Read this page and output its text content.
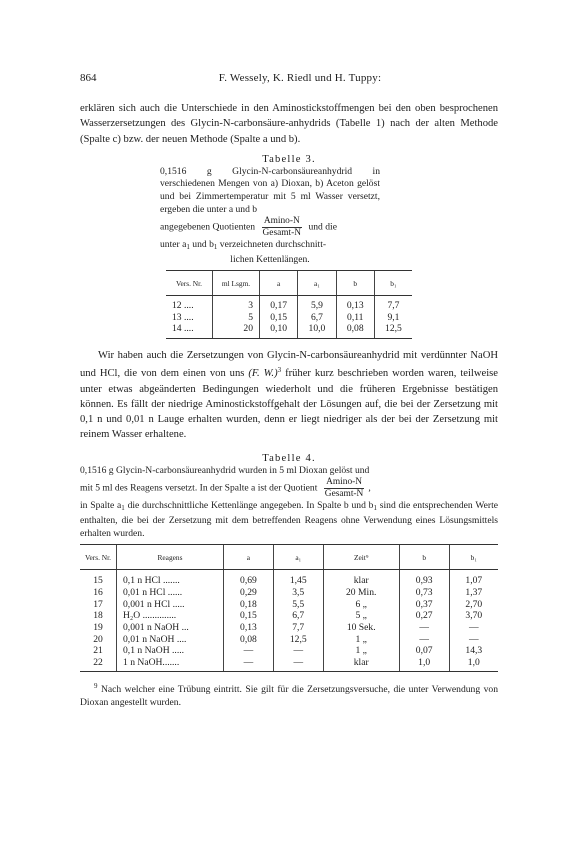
864	F. Wessely, K. Riedl und H. Tuppy:

erklären sich auch die Unterschiede in den Aminostickstoffmengen bei den oben besprochenen Wasserzersetzungen des Glycin-N-carbonsäure-anhydrids (Tabelle 1) nach der alten Methode (Spalte c) bzw. der neuen Methode (Spalte a und b).

Tabelle 3.
0,1516 g Glycin-N-carbonsäureanhydrid in verschiedenen Mengen von a) Dioxan, b) Aceton gelöst und bei Zimmertemperatur mit 5 ml Wasser versetzt, ergeben die unter a und b
angegebenen Quotienten $\frac{Amino-N}{\text{Gesamt-N}}$ und die
unter $a_1$ und $b_1$ verzeichneten durchschnitt-
lichen Kettenlängen.
Vers. Nr.	ml Lsgm.	a	a₁	b	b₁
12 ....	3	0,17	5,9	0,13	7,7
13 ....	5	0,15	6,7	0,11	9,1
14 ....	20	0,10	10,0	0,08	12,5

Wir haben auch die Zersetzungen von Glycin-N-carbonsäureanhydrid mit verdünnter NaOH und HCl, die von dem einen von uns (F. W.)$^3$ früher kurz beschrieben worden waren, teilweise unter etwas abgeänderten Bedingungen wiederholt und die früheren Ergebnisse bestätigen können. Es fällt der niedrige Aminostickstoffgehalt der Lösungen auf, die bei der Zersetzung mit 0,1 n und 0,01 n Lauge erhalten wurden, denn er liegt niedriger als der bei der Zersetzung mit reinem Wasser erhaltene.

Tabelle 4.
0,1516 g Glycin-N-carbonsäureanhydrid wurden in 5 ml Dioxan gelöst und
mit 5 ml des Reagens versetzt. In der Spalte a ist der Quotient $\frac{Amino-N}{\text{Gesamt-N}}$ ,
in Spalte $a_1$ die durchschnittliche Kettenlänge angegeben. In Spalte b und $b_1$ sind die entsprechenden Werte enthalten, die bei der Zersetzung mit dem betreffenden Reagens ohne Verwendung eines Lösungsmittels erhalten wurden.
Vers. Nr.	Reagens	a	a₁	Zeit⁹	b	b₁
15	0,1 n HCl .......	0,69	1,45	klar	0,93	1,07
16	0,01 n HCl ......	0,29	3,5	20 Min.	0,73	1,37
17	0,001 n HCl .....	0,18	5,5	6 „	0,37	2,70
18	H₂O ..............	0,15	6,7	5 „	0,27	3,70
19	0,001 n NaOH ...	0,13	7,7	10 Sek.	—	—
20	0,01 n NaOH ....	0,08	12,5	1 „	—	—
21	0,1 n NaOH .....	—	—	1 „	0,07	14,3
22	1 n NaOH.......	—	—	klar	1,0	1,0
$^9$ Nach welcher eine Trübung eintritt. Sie gilt für die Zersetzungsversuche, die unter Verwendung von Dioxan angestellt wurden.
